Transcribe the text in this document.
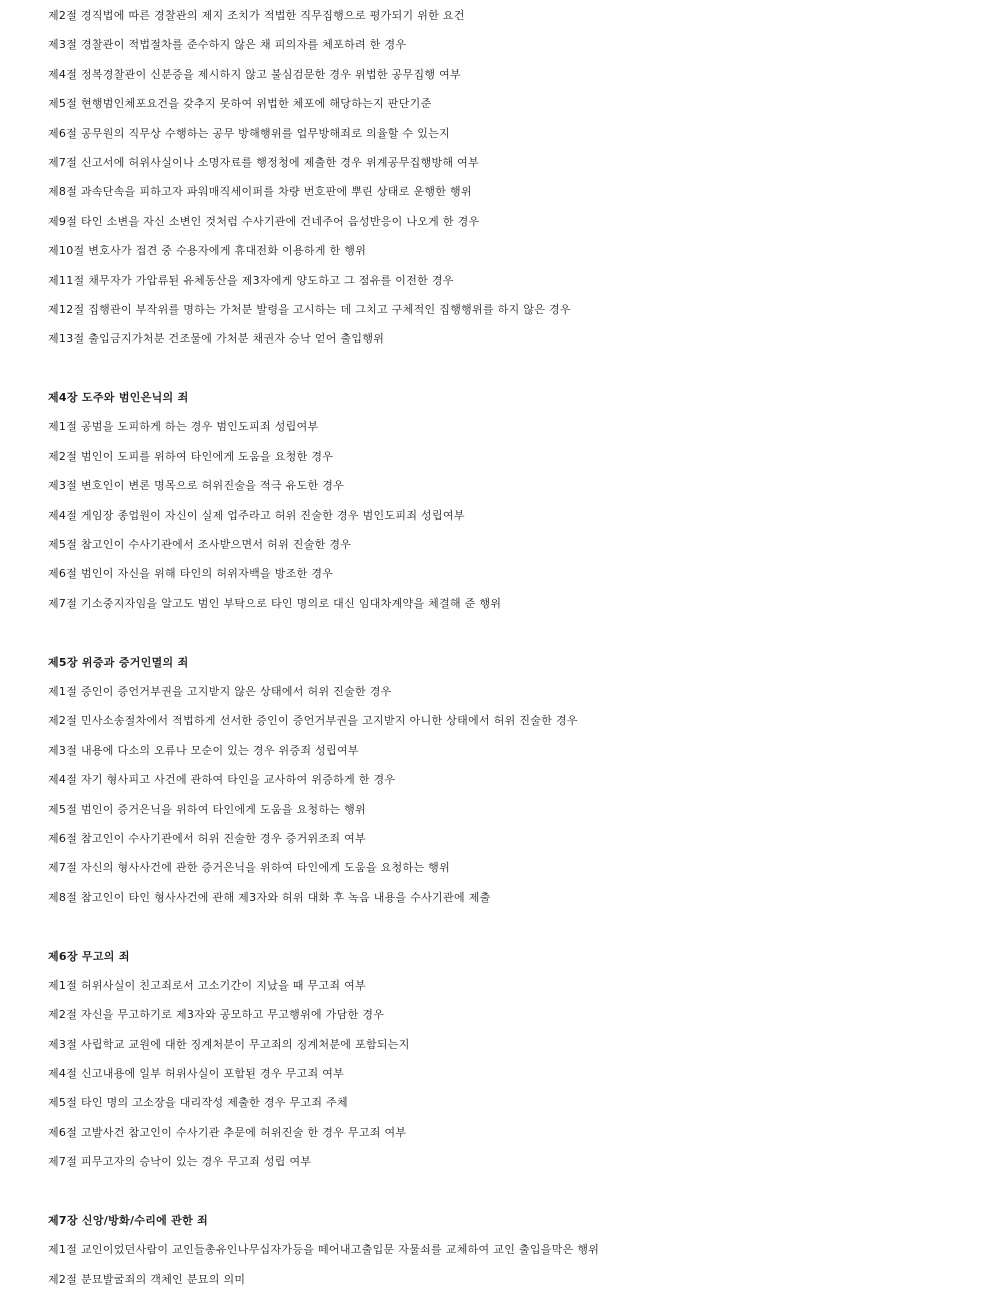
제2절 경직법에 따른 경찰관의 제지 조치가 적법한 직무집행으로 평가되기 위한 요건
제3절 경찰관이 적법절차를 준수하지 않은 채 피의자를 체포하려 한 경우
제4절 정복경찰관이 신분증을 제시하지 않고 불심검문한 경우 위법한 공무집행 여부
제5절 현행범인체포요건을 갖추지 못하여 위법한 체포에 해당하는지 판단기준
제6절 공무원의 직무상 수행하는 공무 방해행위를 업무방해죄로 의율할 수 있는지
제7절 신고서에 허위사실이나 소명자료를 행정청에 제출한 경우 위계공무집행방해 여부
제8절 과속단속을 피하고자 파워매직세이퍼를 차량 번호판에 뿌린 상태로 운행한 행위
제9절 타인 소변을 자신 소변인 것처럼 수사기관에 건네주어 음성반응이 나오게 한 경우
제10절 변호사가 접견 중 수용자에게 휴대전화 이용하게 한 행위
제11절 채무자가 가압류된 유체동산을 제3자에게 양도하고 그 점유를 이전한 경우
제12절 집행관이 부작위를 명하는 가처분 발령을 고시하는 데 그치고 구체적인 집행행위를 하지 않은 경우
제13절 출입금지가처분 건조물에 가처분 채권자 승낙 얻어 출입행위
제4장 도주와 범인은닉의 죄
제1절 공범을 도피하게 하는 경우 범인도피죄 성립여부
제2절 범인이 도피를 위하여 타인에게 도움을 요청한 경우
제3절 변호인이 변론 명목으로 허위진술을 적극 유도한 경우
제4절 게임장 종업원이 자신이 실제 업주라고 허위 진술한 경우 범인도피죄 성립여부
제5절 참고인이 수사기관에서 조사받으면서 허위 진술한 경우
제6절 범인이 자신을 위해 타인의 허위자백을 방조한 경우
제7절 기소중지자임을 알고도 범인 부탁으로 타인 명의로 대신 임대차계약을 체결해 준 행위
제5장 위증과 증거인멸의 죄
제1절 증인이 증언거부권을 고지받지 않은 상태에서 허위 진술한 경우
제2절 민사소송절차에서 적법하게 선서한 증인이 증언거부권을 고지받지 아니한 상태에서 허위 진술한 경우
제3절 내용에 다소의 오류나 모순이 있는 경우 위증죄 성립여부
제4절 자기 형사피고 사건에 관하여 타인을 교사하여 위증하게 한 경우
제5절 범인이 증거은닉을 위하여 타인에게 도움을 요청하는 행위
제6절 참고인이 수사기관에서 허위 진술한 경우 증거위조죄 여부
제7절 자신의 형사사건에 관한 증거은닉을 위하여 타인에게 도움을 요청하는 행위
제8절 참고인이 타인 형사사건에 관해 제3자와 허위 대화 후 녹음 내용을 수사기관에 제출
제6장 무고의 죄
제1절 허위사실이 친고죄로서 고소기간이 지났을 때 무고죄 여부
제2절 자신을 무고하기로 제3자와 공모하고 무고행위에 가담한 경우
제3절 사립학교 교원에 대한 징계처분이 무고죄의 징계처분에 포함되는지
제4절 신고내용에 일부 허위사실이 포함된 경우 무고죄 여부
제5절 타인 명의 고소장을 대리작성 제출한 경우 무고죄 주체
제6절 고발사건 참고인이 수사기관 추문에 허위진술 한 경우 무고죄 여부
제7절 피무고자의 승낙이 있는 경우 무고죄 성립 여부
제7장 신앙/방화/수리에 관한 죄
제1절 교인이었던사람이 교인들총유인나무십자가등을 떼어내고출입문 자물쇠를 교체하여 교인 출입을막은 행위
제2절 분묘발굴죄의 객체인 분묘의 의미
